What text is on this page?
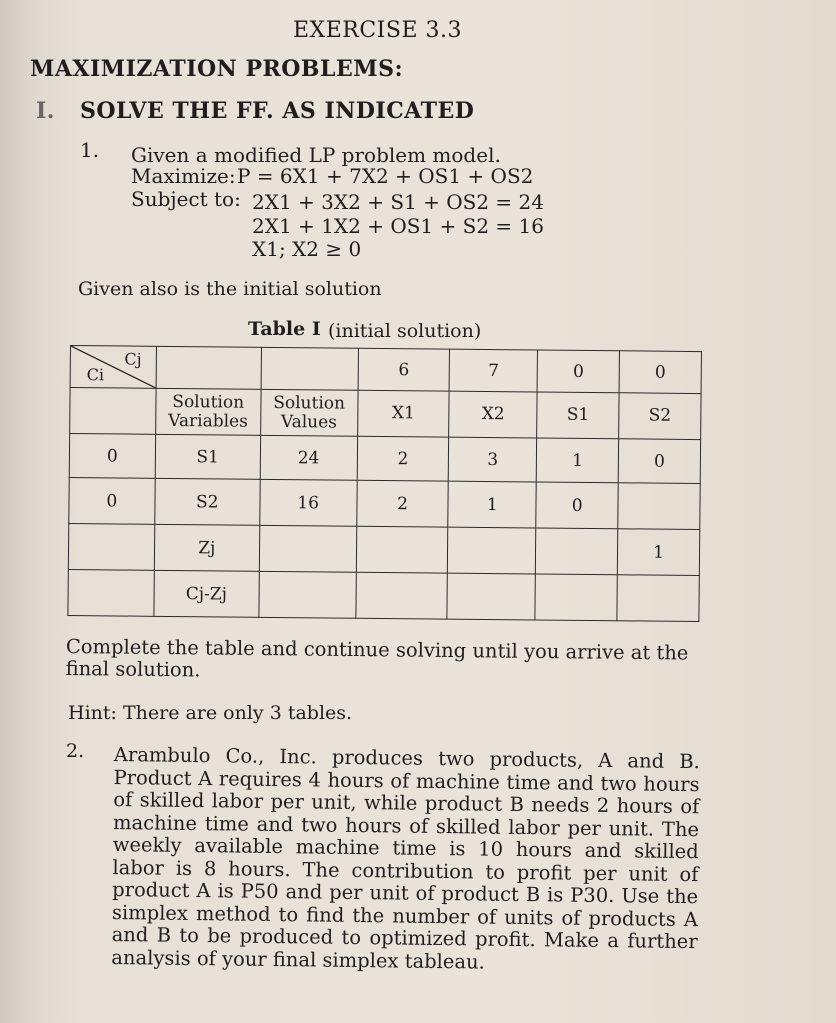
EXERCISE 3.3
MAXIMIZATION PROBLEMS:
I. SOLVE THE FF. AS INDICATED
1. Given a modified LP problem model.
Maximize: P = 6X1 + 7X2 + OS1 + OS2
Subject to: 2X1 + 3X2 + S1 + OS2 = 24
2X1 + 1X2 + OS1 + S2 = 16
X1; X2 ≥ 0
Given also is the initial solution
Table I (initial solution)
Cj
Ci			6	7	0	0
	Solution Variables	Solution Values	X1	X2	S1	S2
0	S1	24	2	3	1	0
0	S2	16	2	1	0	
	Zj					1
	Cj-Zj					
Complete the table and continue solving until you arrive at the final solution.
Hint: There are only 3 tables.
2. Arambulo Co., Inc. produces two products, A and B. Product A requires 4 hours of machine time and two hours of skilled labor per unit, while product B needs 2 hours of machine time and two hours of skilled labor per unit. The weekly available machine time is 10 hours and skilled labor is 8 hours. The contribution to profit per unit of product A is P50 and per unit of product B is P30. Use the simplex method to find the number of units of products A and B to be produced to optimized profit. Make a further analysis of your final simplex tableau.
